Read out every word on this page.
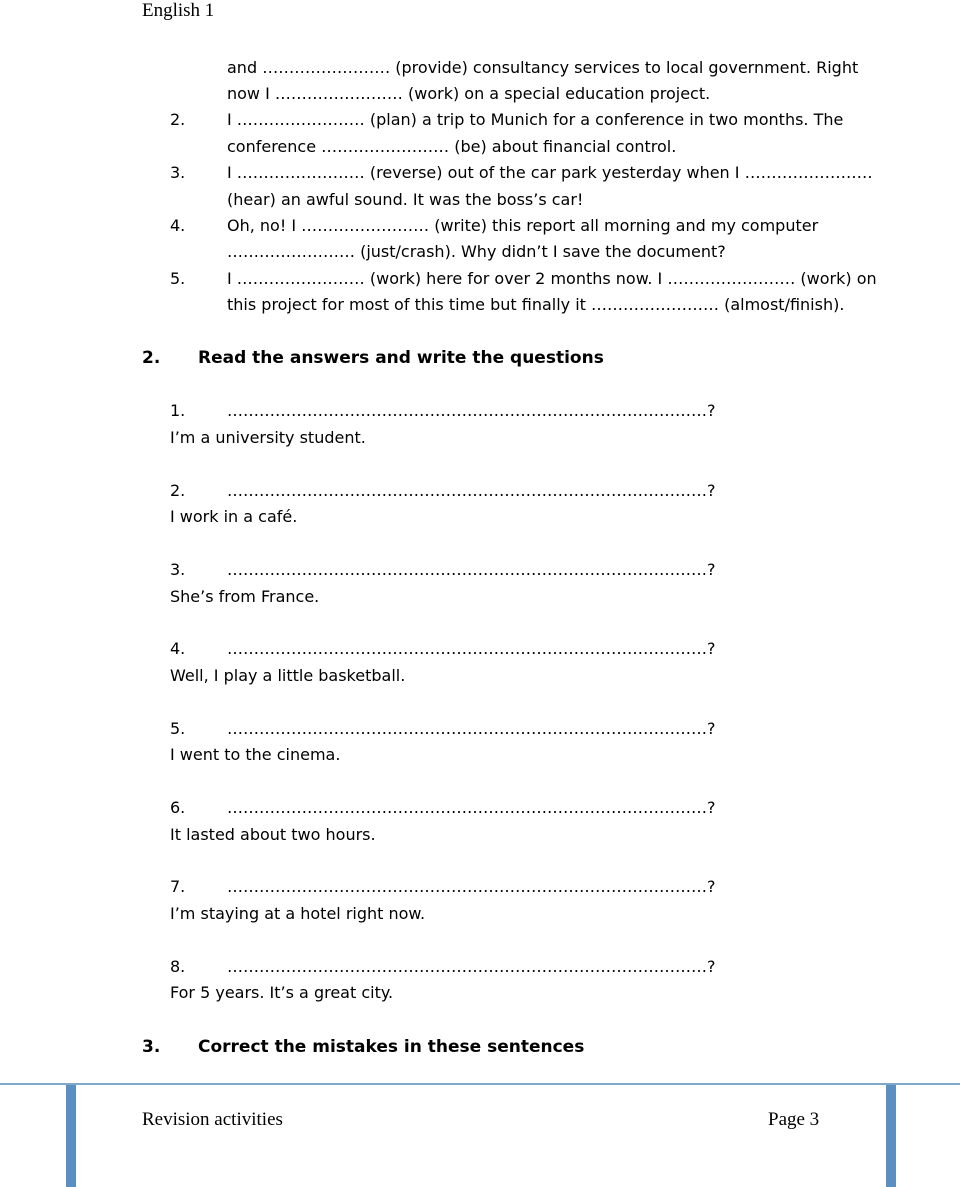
English 1
2.
3.
4.
5.
and …………………… (provide) consultancy services to local government. Right
now I …………………… (work) on a special education project.
I …………………… (plan) a trip to Munich for a conference in two months. The
conference …………………… (be) about financial control.
I …………………… (reverse) out of the car park yesterday when I ……………………
(hear) an awful sound. It was the boss’s car!
Oh, no! I …………………… (write) this report all morning and my computer
…………………… (just/crash). Why didn’t I save the document?
I …………………… (work) here for over 2 months now. I …………………… (work) on
this project for most of this time but finally it …………………… (almost/finish).
2. Read the answers and write the questions
1.	………………………………………………………………………………?
I’m a university student.
2.	………………………………………………………………………………?
I work in a café.
3.	………………………………………………………………………………?
She’s from France.
4.	………………………………………………………………………………?
Well, I play a little basketball.
5.	………………………………………………………………………………?
I went to the cinema.
6.	………………………………………………………………………………?
It lasted about two hours.
7.	………………………………………………………………………………?
I’m staying at a hotel right now.
8.	………………………………………………………………………………?
For 5 years. It’s a great city.
3. Correct the mistakes in these sentences
Revision activities	Page 3
